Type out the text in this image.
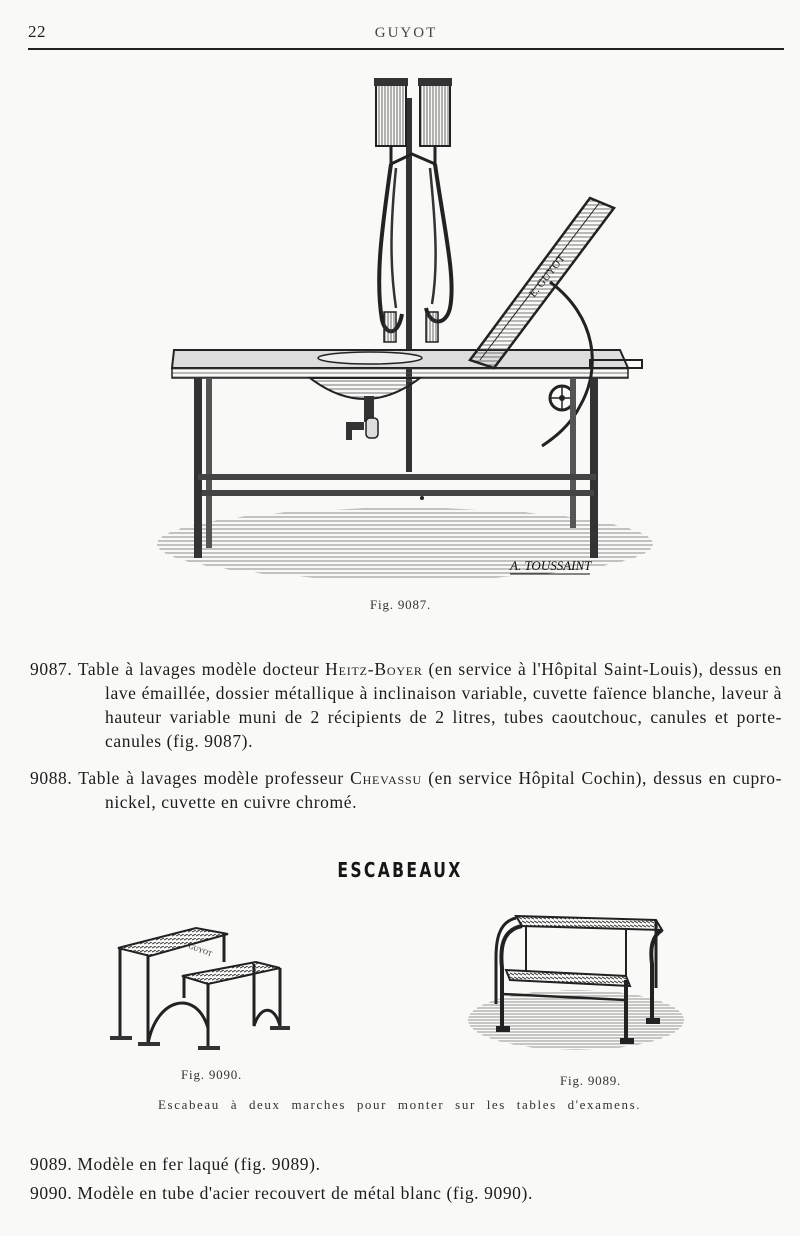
22	GUYOT
E. GUYOT
A. TOUSSAINT
Fig. 9087.
9087. Table à lavages modèle docteur Heitz-Boyer (en service à l'Hôpital Saint-Louis), dessus en lave émaillée, dossier métallique à inclinaison variable, cuvette faïence blanche, laveur à hauteur variable muni de 2 récipients de 2 litres, tubes caoutchouc, canules et porte-canules (fig. 9087).
9088. Table à lavages modèle professeur Chevassu (en service Hôpital Cochin), dessus en cupro-nickel, cuvette en cuivre chromé.
ESCABEAUX
GUYOT
Fig. 9090.	Fig. 9089.
Escabeau à deux marches pour monter sur les tables d'examens.
9089. Modèle en fer laqué (fig. 9089).
9090. Modèle en tube d'acier recouvert de métal blanc (fig. 9090).
